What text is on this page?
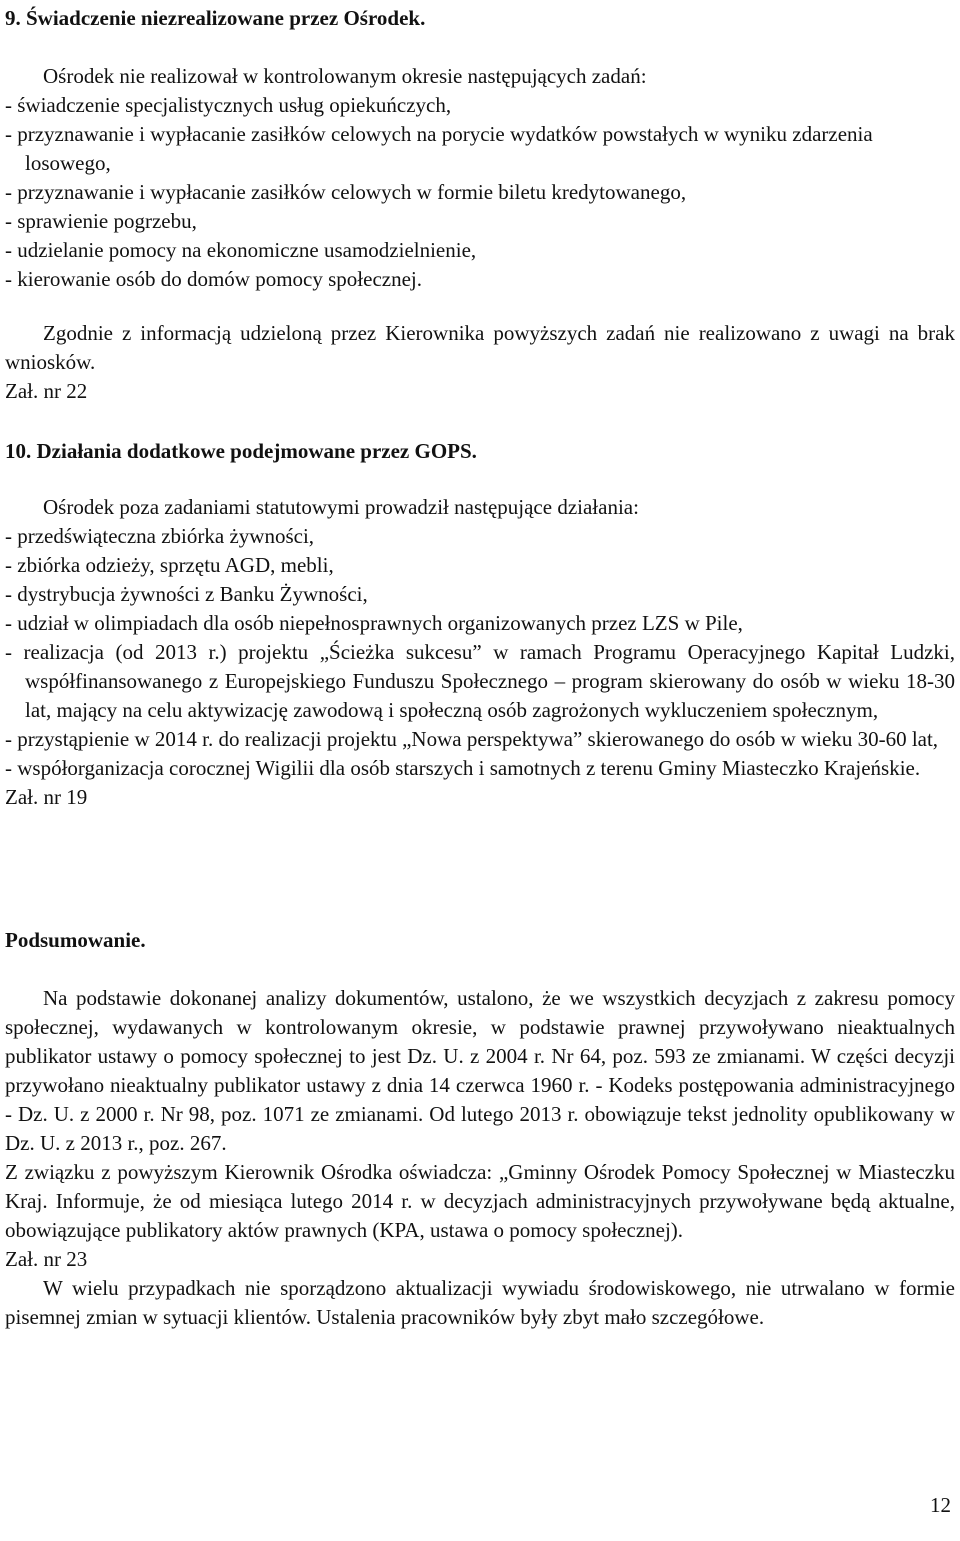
9. Świadczenie niezrealizowane przez Ośrodek.

Ośrodek nie realizował w kontrolowanym okresie następujących zadań:

- świadczenie specjalistycznych usług opiekuńczych,

- przyznawanie i wypłacanie zasiłków celowych na porycie wydatków powstałych w wyniku zdarzenia losowego,

- przyznawanie i wypłacanie zasiłków celowych w formie biletu kredytowanego,

- sprawienie pogrzebu,

- udzielanie pomocy na ekonomiczne usamodzielnienie,

- kierowanie osób do domów pomocy społecznej.

Zgodnie z informacją udzieloną przez Kierownika powyższych zadań nie realizowano z uwagi na brak wniosków.

Zał. nr 22

10. Działania dodatkowe podejmowane przez GOPS.

Ośrodek poza zadaniami statutowymi prowadził następujące działania:

- przedświąteczna zbiórka żywności,

- zbiórka odzieży, sprzętu AGD, mebli,

- dystrybucja żywności z Banku Żywności,

- udział w olimpiadach dla osób niepełnosprawnych organizowanych przez LZS w Pile,

- realizacja (od 2013 r.) projektu „Ścieżka sukcesu” w ramach Programu Operacyjnego Kapitał Ludzki, współfinansowanego z Europejskiego Funduszu Społecznego – program skierowany do osób w wieku 18-30 lat, mający na celu aktywizację zawodową i społeczną osób zagrożonych wykluczeniem społecznym,

- przystąpienie w 2014 r. do realizacji projektu „Nowa perspektywa” skierowanego do osób w wieku 30-60 lat,

- współorganizacja corocznej Wigilii dla osób starszych i samotnych z terenu Gminy Miasteczko Krajeńskie.

Zał. nr 19

Podsumowanie.

Na podstawie dokonanej analizy dokumentów, ustalono, że we wszystkich decyzjach z zakresu pomocy społecznej, wydawanych w kontrolowanym okresie, w podstawie prawnej przywoływano nieaktualnych publikator ustawy o pomocy społecznej to jest Dz. U. z 2004 r. Nr 64, poz. 593 ze zmianami. W części decyzji przywołano nieaktualny publikator ustawy z dnia 14 czerwca 1960 r. - Kodeks postępowania administracyjnego - Dz. U. z 2000 r. Nr 98, poz. 1071 ze zmianami. Od lutego 2013 r. obowiązuje tekst jednolity opublikowany w Dz. U. z 2013 r., poz. 267.

Z związku z powyższym Kierownik Ośrodka oświadcza: „Gminny Ośrodek Pomocy Społecznej w Miasteczku Kraj. Informuje, że od miesiąca lutego 2014 r. w decyzjach administracyjnych przywoływane będą aktualne, obowiązujące publikatory aktów prawnych (KPA, ustawa o pomocy społecznej).

Zał. nr 23

W wielu przypadkach nie sporządzono aktualizacji wywiadu środowiskowego, nie utrwalano w formie pisemnej zmian w sytuacji klientów. Ustalenia pracowników były zbyt mało szczegółowe.

12
